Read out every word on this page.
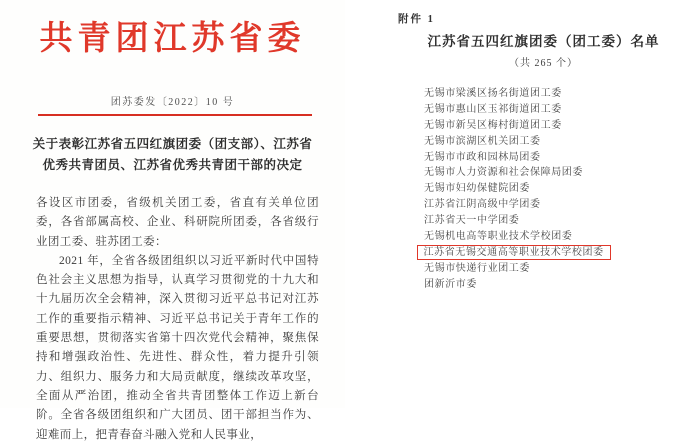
共青团江苏省委
团苏委发〔2022〕10 号
关于表彰江苏省五四红旗团委（团支部）、江苏省
优秀共青团员、江苏省优秀共青团干部的决定

各设区市团委，省级机关团工委，省直有关单位团委，各省部属高校、企业、科研院所团委，各省级行业团工委、驻苏团工委：

2021 年，全省各级团组织以习近平新时代中国特色社会主义思想为指导，认真学习贯彻党的十九大和十九届历次全会精神，深入贯彻习近平总书记对江苏工作的重要指示精神、习近平总书记关于青年工作的重要思想，贯彻落实省第十四次党代会精神，聚焦保持和增强政治性、先进性、群众性，着力提升引领力、组织力、服务力和大局贡献度，继续改革攻坚，全面从严治团，推动全省共青团整体工作迈上新台阶。全省各级团组织和广大团员、团干部担当作为、迎难而上，把青春奋斗融入党和人民事业，

附件 1
江苏省五四红旗团委（团工委）名单
（共 265 个）
无锡市梁溪区扬名街道团工委
无锡市惠山区玉祁街道团工委
无锡市新吴区梅村街道团工委
无锡市滨湖区机关团工委
无锡市市政和园林局团委
无锡市人力资源和社会保障局团委
无锡市妇幼保健院团委
江苏省江阴高级中学团委
江苏省天一中学团委
无锡机电高等职业技术学校团委
江苏省无锡交通高等职业技术学校团委
无锡市快递行业团工委
团新沂市委
